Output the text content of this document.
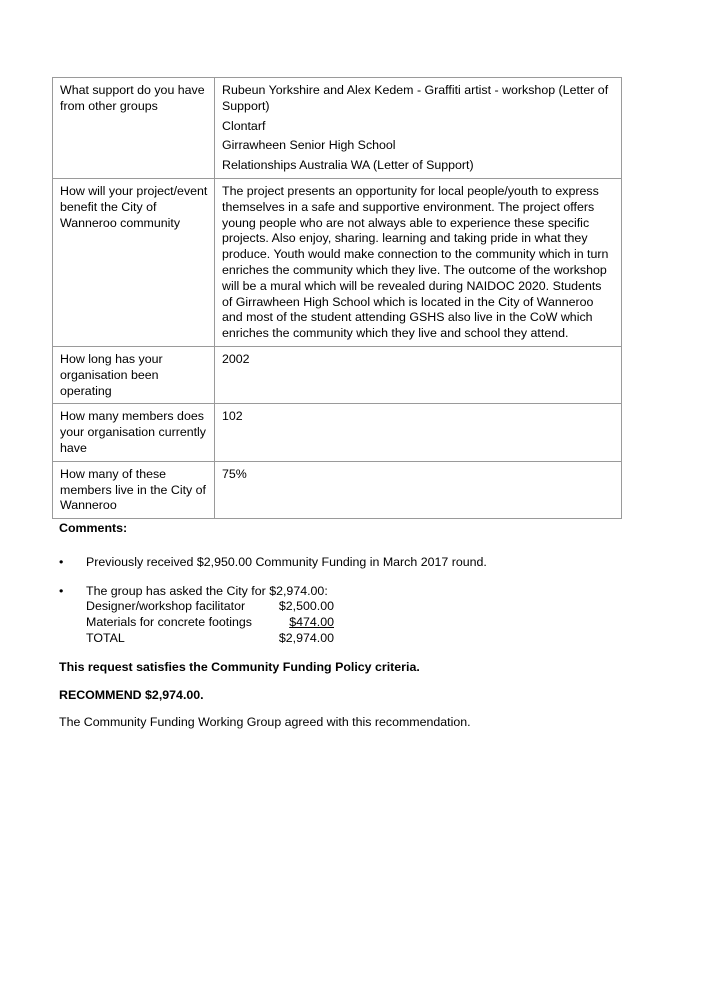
What support do you have from other groups	Rubeun Yorkshire and Alex Kedem - Graffiti artist - workshop (Letter of Support)
Clontarf
Girrawheen Senior High School
Relationships Australia WA (Letter of Support)

How will your project/event benefit the City of Wanneroo community	The project presents an opportunity for local people/youth to express themselves in a safe and supportive environment. The project offers young people who are not always able to experience these specific projects. Also enjoy, sharing. learning and taking pride in what they produce. Youth would make connection to the community which in turn enriches the community which they live. The outcome of the workshop will be a mural which will be revealed during NAIDOC 2020. Students of Girrawheen High School which is located in the City of Wanneroo and most of the student attending GSHS also live in the CoW which enriches the community which they live and school they attend.
How long has your organisation been operating	2002
How many members does your organisation currently have	102
How many of these members live in the City of Wanneroo	75%
Comments:
• Previously received $2,950.00 Community Funding in March 2017 round.
• The group has asked the City for $2,974.00:
Designer/workshop facilitator	$2,500.00
Materials for concrete footings	$474.00
TOTAL	$2,974.00
This request satisfies the Community Funding Policy criteria.
RECOMMEND $2,974.00.
The Community Funding Working Group agreed with this recommendation.
